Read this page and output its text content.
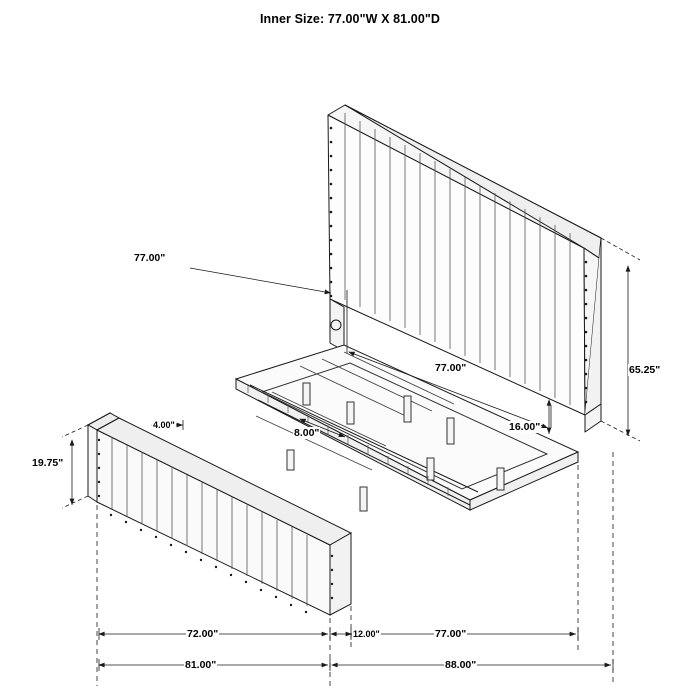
Inner Size: 77.00"W X 81.00"D
77.00"
77.00"	65.25"
16.00"
8.00"
4.00"
19.75"
72.00"	12.00"	77.00"
81.00"	88.00"
